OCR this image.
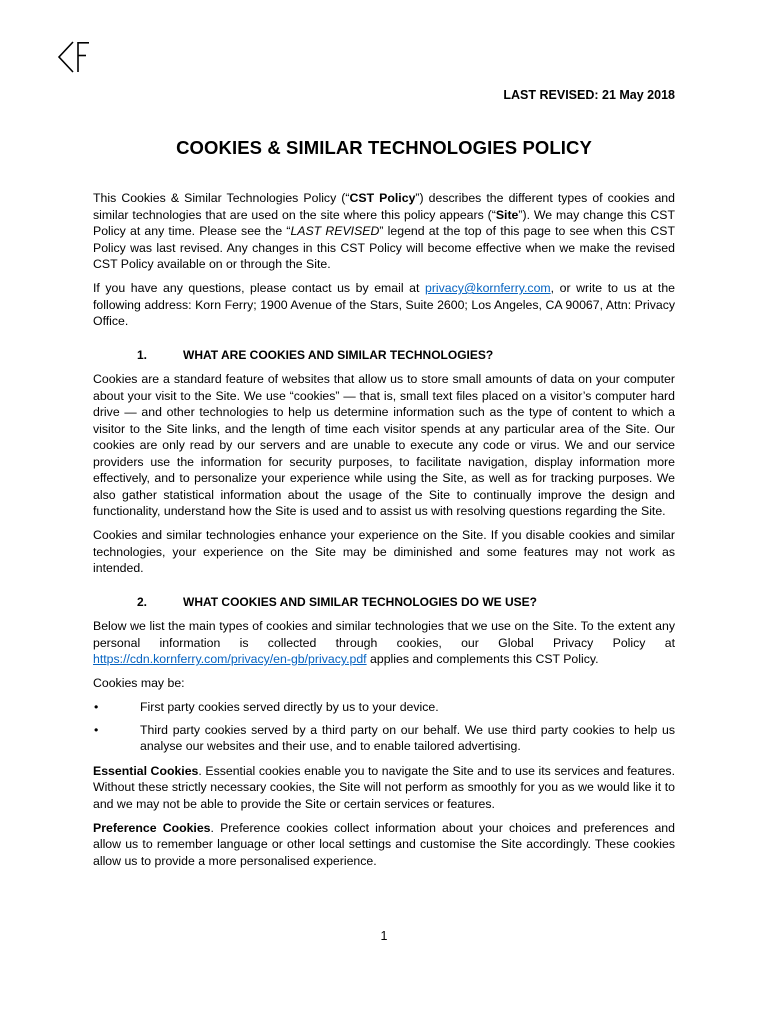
LAST REVISED: 21 May 2018
COOKIES & SIMILAR TECHNOLOGIES POLICY

This Cookies & Similar Technologies Policy (“CST Policy”) describes the different types of cookies and similar technologies that are used on the site where this policy appears (“Site”). We may change this CST Policy at any time. Please see the “LAST REVISED” legend at the top of this page to see when this CST Policy was last revised. Any changes in this CST Policy will become effective when we make the revised CST Policy available on or through the Site.

If you have any questions, please contact us by email at privacy@kornferry.com, or write to us at the following address: Korn Ferry; 1900 Avenue of the Stars, Suite 2600; Los Angeles, CA 90067, Attn: Privacy Office.

1.	WHAT ARE COOKIES AND SIMILAR TECHNOLOGIES?

Cookies are a standard feature of websites that allow us to store small amounts of data on your computer about your visit to the Site. We use “cookies” — that is, small text files placed on a visitor’s computer hard drive — and other technologies to help us determine information such as the type of content to which a visitor to the Site links, and the length of time each visitor spends at any particular area of the Site. Our cookies are only read by our servers and are unable to execute any code or virus. We and our service providers use the information for security purposes, to facilitate navigation, display information more effectively, and to personalize your experience while using the Site, as well as for tracking purposes. We also gather statistical information about the usage of the Site to continually improve the design and functionality, understand how the Site is used and to assist us with resolving questions regarding the Site.

Cookies and similar technologies enhance your experience on the Site. If you disable cookies and similar technologies, your experience on the Site may be diminished and some features may not work as intended.

2.	WHAT COOKIES AND SIMILAR TECHNOLOGIES DO WE USE?

Below we list the main types of cookies and similar technologies that we use on the Site. To the extent any personal information is collected through cookies, our Global Privacy Policy at https://cdn.kornferry.com/privacy/en-gb/privacy.pdf applies and complements this CST Policy.

Cookies may be:

•	First party cookies served directly by us to your device.
•	Third party cookies served by a third party on our behalf. We use third party cookies to help us analyse our websites and their use, and to enable tailored advertising.

Essential Cookies. Essential cookies enable you to navigate the Site and to use its services and features. Without these strictly necessary cookies, the Site will not perform as smoothly for you as we would like it to and we may not be able to provide the Site or certain services or features.

Preference Cookies. Preference cookies collect information about your choices and preferences and allow us to remember language or other local settings and customise the Site accordingly. These cookies allow us to provide a more personalised experience.

1
